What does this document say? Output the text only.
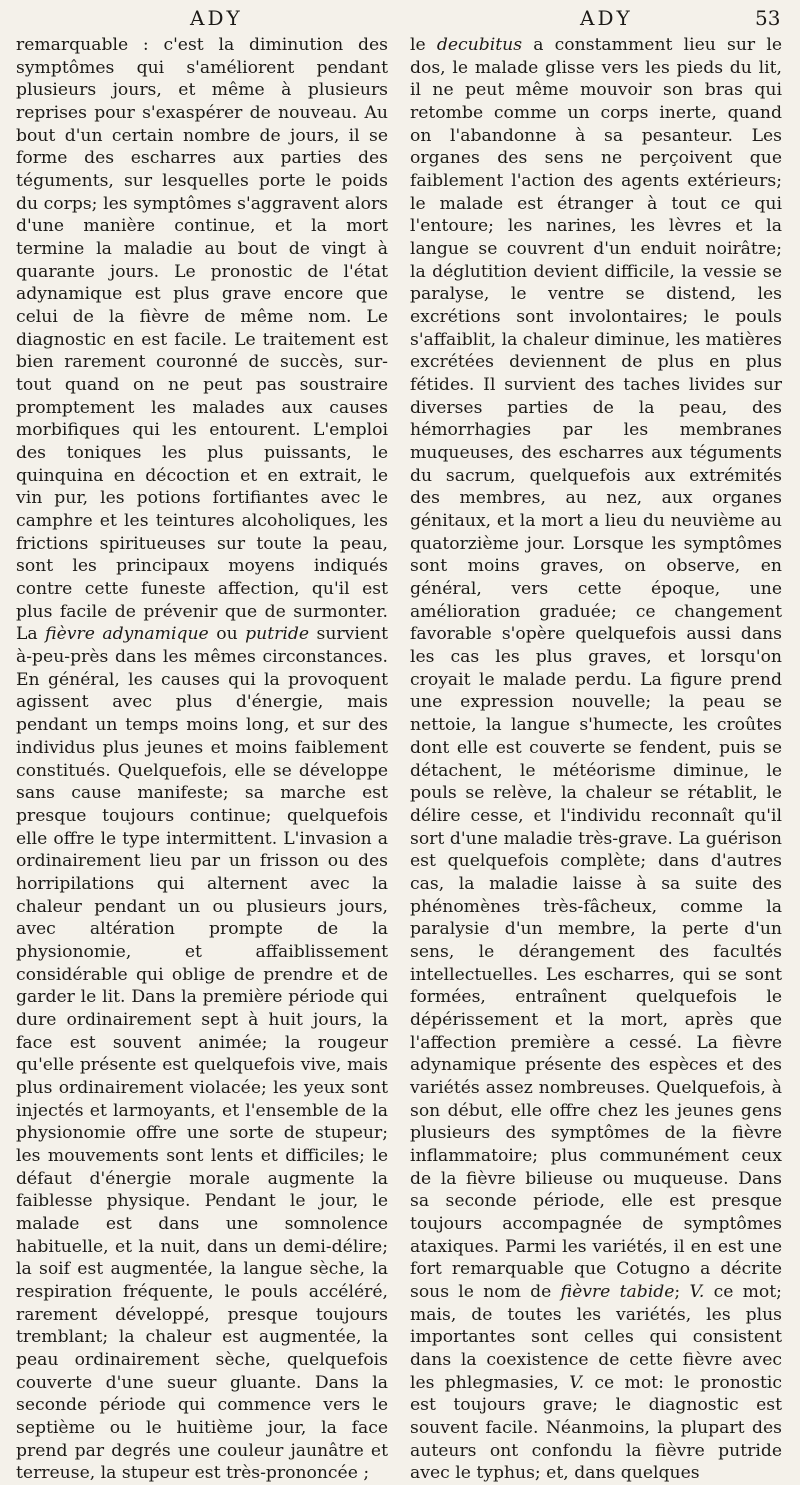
ADY	ADY	53

remarquable : c'est la diminution des symptômes qui s'améliorent pendant plusieurs jours, et même à plusieurs reprises pour s'exaspérer de nouveau. Au bout d'un certain nombre de jours, il se forme des escharres aux parties des téguments, sur lesquelles porte le poids du corps; les symptômes s'aggravent alors d'une manière continue, et la mort termine la maladie au bout de vingt à quarante jours. Le pronostic de l'état adynamique est plus grave encore que celui de la fièvre de même nom. Le diagnostic en est facile. Le traitement est bien rarement couronné de succès, sur-tout quand on ne peut pas soustraire promptement les malades aux causes morbifiques qui les entourent. L'emploi des toniques les plus puissants, le quinquina en décoction et en extrait, le vin pur, les potions fortifiantes avec le camphre et les teintures alcoholiques, les frictions spiritueuses sur toute la peau, sont les principaux moyens indiqués contre cette funeste affection, qu'il est plus facile de prévenir que de surmonter. La fièvre adynamique ou putride survient à-peu-près dans les mêmes circonstances. En général, les causes qui la provoquent agissent avec plus d'énergie, mais pendant un temps moins long, et sur des individus plus jeunes et moins faiblement constitués. Quelquefois, elle se développe sans cause manifeste; sa marche est presque toujours continue; quelquefois elle offre le type intermittent. L'invasion a ordinairement lieu par un frisson ou des horripilations qui alternent avec la chaleur pendant un ou plusieurs jours, avec altération prompte de la physionomie, et affaiblissement considérable qui oblige de prendre et de garder le lit. Dans la première période qui dure ordinairement sept à huit jours, la face est souvent animée; la rougeur qu'elle présente est quelquefois vive, mais plus ordinairement violacée; les yeux sont injectés et larmoyants, et l'ensemble de la physionomie offre une sorte de stupeur; les mouvements sont lents et difficiles; le défaut d'énergie morale augmente la faiblesse physique. Pendant le jour, le malade est dans une somnolence habituelle, et la nuit, dans un demi-délire; la soif est augmentée, la langue sèche, la respiration fréquente, le pouls accéléré, rarement développé, presque toujours tremblant; la chaleur est augmentée, la peau ordinairement sèche, quelquefois couverte d'une sueur gluante. Dans la seconde période qui commence vers le septième ou le huitième jour, la face prend par degrés une couleur jaunâtre et terreuse, la stupeur est très-prononcée ;

le decubitus a constamment lieu sur le dos, le malade glisse vers les pieds du lit, il ne peut même mouvoir son bras qui retombe comme un corps inerte, quand on l'abandonne à sa pesanteur. Les organes des sens ne perçoivent que faiblement l'action des agents extérieurs; le malade est étranger à tout ce qui l'entoure; les narines, les lèvres et la langue se couvrent d'un enduit noirâtre; la déglutition devient difficile, la vessie se paralyse, le ventre se distend, les excrétions sont involontaires; le pouls s'affaiblit, la chaleur diminue, les matières excrétées deviennent de plus en plus fétides. Il survient des taches livides sur diverses parties de la peau, des hémorrhagies par les membranes muqueuses, des escharres aux téguments du sacrum, quelquefois aux extrémités des membres, au nez, aux organes génitaux, et la mort a lieu du neuvième au quatorzième jour. Lorsque les symptômes sont moins graves, on observe, en général, vers cette époque, une amélioration graduée; ce changement favorable s'opère quelquefois aussi dans les cas les plus graves, et lorsqu'on croyait le malade perdu. La figure prend une expression nouvelle; la peau se nettoie, la langue s'humecte, les croûtes dont elle est couverte se fendent, puis se détachent, le météorisme diminue, le pouls se relève, la chaleur se rétablit, le délire cesse, et l'individu reconnaît qu'il sort d'une maladie très-grave. La guérison est quelquefois complète; dans d'autres cas, la maladie laisse à sa suite des phénomènes très-fâcheux, comme la paralysie d'un membre, la perte d'un sens, le dérangement des facultés intellectuelles. Les escharres, qui se sont formées, entraînent quelquefois le dépérissement et la mort, après que l'affection première a cessé. La fièvre adynamique présente des espèces et des variétés assez nombreuses. Quelquefois, à son début, elle offre chez les jeunes gens plusieurs des symptômes de la fièvre inflammatoire; plus communément ceux de la fièvre bilieuse ou muqueuse. Dans sa seconde période, elle est presque toujours accompagnée de symptômes ataxiques. Parmi les variétés, il en est une fort remarquable que Cotugno a décrite sous le nom de fièvre tabide; V. ce mot; mais, de toutes les variétés, les plus importantes sont celles qui consistent dans la coexistence de cette fièvre avec les phlegmasies, V. ce mot: le pronostic est toujours grave; le diagnostic est souvent facile. Néanmoins, la plupart des auteurs ont confondu la fièvre putride avec le typhus; et, dans quelques
